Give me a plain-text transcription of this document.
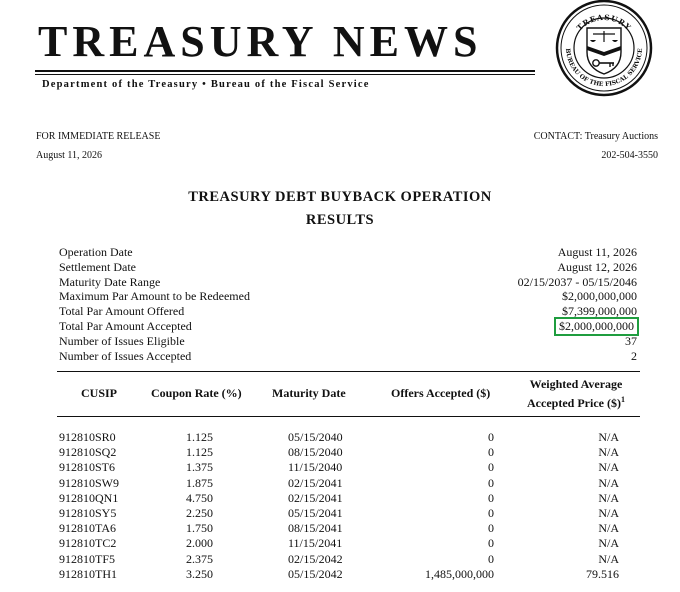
TREASURY NEWS
Department of the Treasury • Bureau of the Fiscal Service
TREASURY
BUREAU OF THE FISCAL SERVICE
FOR IMMEDIATE RELEASE
August 11, 2026
CONTACT: Treasury Auctions
202-504-3550
TREASURY DEBT BUYBACK OPERATION
RESULTS
Operation Date	August 11, 2026
Settlement Date	August 12, 2026
Maturity Date Range	02/15/2037 - 05/15/2046
Maximum Par Amount to be Redeemed	$2,000,000,000
Total Par Amount Offered	$7,399,000,000
Total Par Amount Accepted	$2,000,000,000
Number of Issues Eligible	37
Number of Issues Accepted	2
CUSIP	Coupon Rate (%)	Maturity Date	Offers Accepted ($)
Weighted Average
Accepted Price ($)$^1$
912810SR0	1.125	05/15/2040	0	N/A
912810SQ2	1.125	08/15/2040	0	N/A
912810ST6	1.375	11/15/2040	0	N/A
912810SW9	1.875	02/15/2041	0	N/A
912810QN1	4.750	02/15/2041	0	N/A
912810SY5	2.250	05/15/2041	0	N/A
912810TA6	1.750	08/15/2041	0	N/A
912810TC2	2.000	11/15/2041	0	N/A
912810TF5	2.375	02/15/2042	0	N/A
912810TH1	3.250	05/15/2042	1,485,000,000	79.516
